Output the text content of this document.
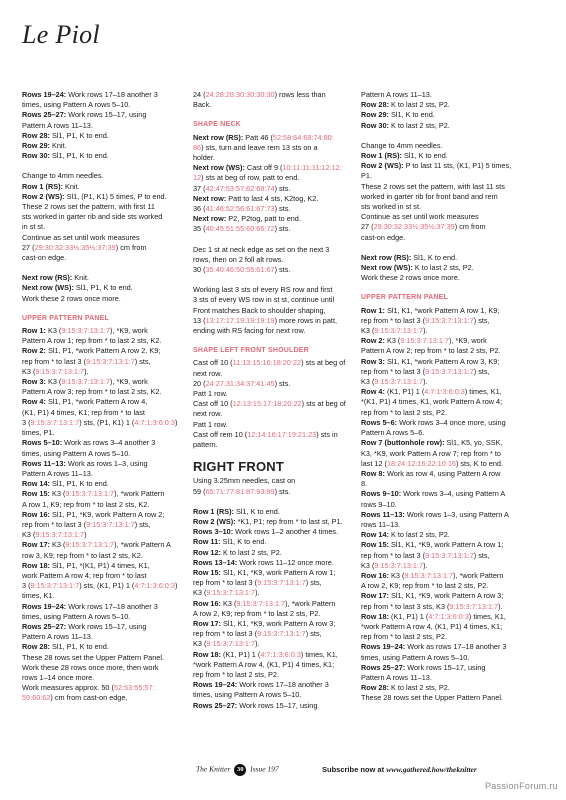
Le Piol

Rows 19–24: Work rows 17–18 another 3
times, using Pattern A rows 5–10.
Rows 25–27: Work rows 15–17, using
Pattern A rows 11–13.
Row 28: Sl1, P1, K to end.
Row 29: Knit.
Row 30: Sl1, P1, K to end.

Change to 4mm needles.
Row 1 (RS): Knit.
Row 2 (WS): Sl1, (P1, K1) 5 times, P to end.
These 2 rows set the pattern, with first 11
sts worked in garter rib and side sts worked
in st st.
Continue as set until work measures
27 (29:30:32:33½:35½:37:39) cm from
cast-on edge.

Next row (RS): Knit.
Next row (WS): Sl1, P1, K to end.
Work these 2 rows once more.

UPPER PATTERN PANEL

Row 1: K3 (9:15:3:7:13:1:7), *K9, work
Pattern A row 1; rep from * to last 2 sts, K2.
Row 2: Sl1, P1, *work Pattern A row 2, K9;
rep from * to last 3 (9:15:3:7:13:1:7) sts,
K3 (9:15:3:7:13:1:7).
Row 3: K3 (9:15:3:7:13:1:7), *K9, work
Pattern A row 3; rep from * to last 2 sts, K2.
Row 4: Sl1, P1, *work Pattern A row 4,
(K1, P1) 4 times, K1; rep from * to last
3 (9:15:3:7:13:1:7) sts, (P1, K1) 1 (4:7:1:3:6:0:3)
times, P1.
Rows 5–10: Work as rows 3–4 another 3
times, using Pattern A rows 5–10.
Rows 11–13: Work as rows 1–3, using
Pattern A rows 11–13.
Row 14: Sl1, P1, K to end.
Row 15: K3 (9:15:3:7:13:1:7), *work Pattern
A row 1, K9; rep from * to last 2 sts, K2.
Row 16: Sl1, P1, *K9, work Pattern A row 2;
rep from * to last 3 (9:15:3:7:13:1:7) sts,
K3 (9:15:3:7:13:1:7)
Row 17: K3 (9:15:3:7:13:1:7), *work Pattern A
row 3, K9; rep from * to last 2 sts, K2.
Row 18: Sl1, P1, *(K1, P1) 4 times, K1,
work Pattern A row 4; rep from * to last
3 (9:15:3:7:13:1:7) sts, (K1, P1) 1 (4:7:1:3:6:0:3) times, K1.
Rows 19–24: Work rows 17–18 another 3
times, using Pattern A rows 5–10.
Rows 25–27: Work rows 15–17, using
Pattern A rows 11–13.
Row 28: Sl1, P1, K to end.
These 28 rows set the Upper Pattern Panel.
Work these 28 rows once more, then work
rows 1–14 once more.
Work measures approx. 50 (52:53:55:57:
59:60:62) cm from cast-on edge,

24 (24:28:28:30:30:30:30) rows less than
Back.

SHAPE NECK

Next row (RS): Patt 46 (52:58:64:68:74:80:
86) sts, turn and leave rem 13 sts on a
holder.
Next row (WS): Cast off 9 (10:11:11:11:12:12:
12) sts at beg of row, patt to end.
37 (42:47:53:57:62:68:74) sts.
Next row: Patt to last 4 sts, K2tog, K2.
36 (41:46:52:56:61:67:73) sts.
Next row: P2, P2tog, patt to end.
35 (40:45:51:55:60:66:72) sts.

Dec 1 st at neck edge as set on the next 3
rows, then on 2 foll alt rows.
30 (35:40:46:50:55:61:67) sts.

Working last 3 sts of every RS row and first
3 sts of every WS row in st st, continue until
Front matches Back to shoulder shaping,
13 (13:17:17:19:19:19:19) more rows in patt,
ending with RS facing for next row.

SHAPE LEFT FRONT SHOULDER

Cast off 10 (11:13:15:16:18:20:22) sts at beg of
next row.
20 (24:27:31:34:37:41:45) sts.
Patt 1 row.
Cast off 10 (12:13:15:17:18:20:22) sts at beg of
next row.
Patt 1 row.
Cast off rem 10 (12:14:16:17:19:21:23) sts in
pattern.

RIGHT FRONT

Using 3.25mm needles, cast on
59 (65:71:77:81:87:93:99) sts.

Row 1 (RS): Sl1, K to end.
Row 2 (WS): *K1, P1; rep from * to last st, P1.
Rows 3–10: Work rows 1–2 another 4 times.
Row 11: Sl1, K to end.
Row 12: K to last 2 sts, P2.
Rows 13–14: Work rows 11–12 once more.
Row 15: Sl1, K1, *K9, work Pattern A row 1;
rep from * to last 3 (9:15:3:7:13:1:7) sts,
K3 (9:15:3:7:13:1:7).
Row 16: K3 (9:15:3:7:13:1:7), *work Pattern
A row 2, K9; rep from * to last 2 sts, P2.
Row 17: Sl1, K1, *K9, work Pattern A row 3;
rep from * to last 3 (9:15:3:7:13:1:7) sts,
K3 (9:15:3:7:13:1:7).
Row 18: (K1, P1) 1 (4:7:1:3:6:0:3) times, K1,
*work Pattern A row 4, (K1, P1) 4 times, K1;
rep from * to last 2 sts, P2.
Rows 19–24: Work rows 17–18 another 3
times, using Pattern A rows 5–10.
Rows 25–27: Work rows 15–17, using

Pattern A rows 11–13.
Row 28: K to last 2 sts, P2.
Row 29: Sl1, K to end.
Row 30: K to last 2 sts, P2.

Change to 4mm needles.
Row 1 (RS): Sl1, K to end.
Row 2 (WS): P to last 11 sts, (K1, P1) 5 times,
P1.
These 2 rows set the pattern, with last 11 sts
worked in garter rib for front band and rem
sts worked in st st.
Continue as set until work measures
27 (29:30:32:33½:35½:37:39) cm from
cast-on edge.

Next row (RS): Sl1, K to end.
Next row (WS): K to last 2 sts, P2.
Work these 2 rows once more.

UPPER PATTERN PANEL

Row 1: Sl1, K1, *work Pattern A row 1, K9;
rep from * to last 3 (9:15:3:7:13:1:7) sts,
K3 (9:15:3:7:13:1:7).
Row 2: K3 (9:15:3:7:13:1:7), *K9, work
Pattern A row 2; rep from * to last 2 sts, P2.
Row 3: Sl1, K1, *work Pattern A row 3, K9;
rep from * to last 3 (9:15:3:7:13:1:7) sts,
K3 (9:15:3:7:13:1:7).
Row 4: (K1, P1) 1 (4:7:1:3:6:0:3) times, K1,
*(K1, P1) 4 times, K1, work Pattern A row 4;
rep from * to last 2 sts, P2.
Rows 5–6: Work rows 3–4 once more, using
Pattern A rows 5–6.
Row 7 (buttonhole row): Sl1, K5, yo, SSK,
K3, *K9, work Pattern A row 7; rep from * to
last 12 (18:24:12:16:22:10:16) sts, K to end.
Row 8: Work as row 4, using Pattern A row
8.
Rows 9–10: Work rows 3–4, using Pattern A
rows 9–10.
Rows 11–13: Work rows 1–3, using Pattern A
rows 11–13.
Row 14: K to last 2 sts, P2.
Row 15: Sl1, K1, *K9, work Pattern A row 1;
rep from * to last 3 (9:15:3:7:13:1:7) sts,
K3 (9:15:3:7:13:1:7).
Row 16: K3 (9:15:3:7:13:1:7), *work Pattern
A row 2, K9; rep from * to last 2 sts, P2.
Row 17: Sl1, K1, *K9, work Pattern A row 3;
rep from * to last 3 sts, K3 (9:15:3:7:13:1:7).
Row 18: (K1, P1) 1 (4:7:1:3:6:0:3) times, K1,
*work Pattern A row 4, (K1, P1) 4 times, K1;
rep from * to last 2 sts, P2.
Rows 19–24: Work as rows 17–18 another 3
times, using Pattern A rows 5–10.
Rows 25–27: Work rows 15–17, using
Pattern A rows 11–13.
Row 28: K to last 2 sts, P2.
These 28 rows set the Upper Pattern Panel.

The Knitter 30 Issue 197	Subscribe now at www.gathered.how/theknitter
PassionForum.ru
